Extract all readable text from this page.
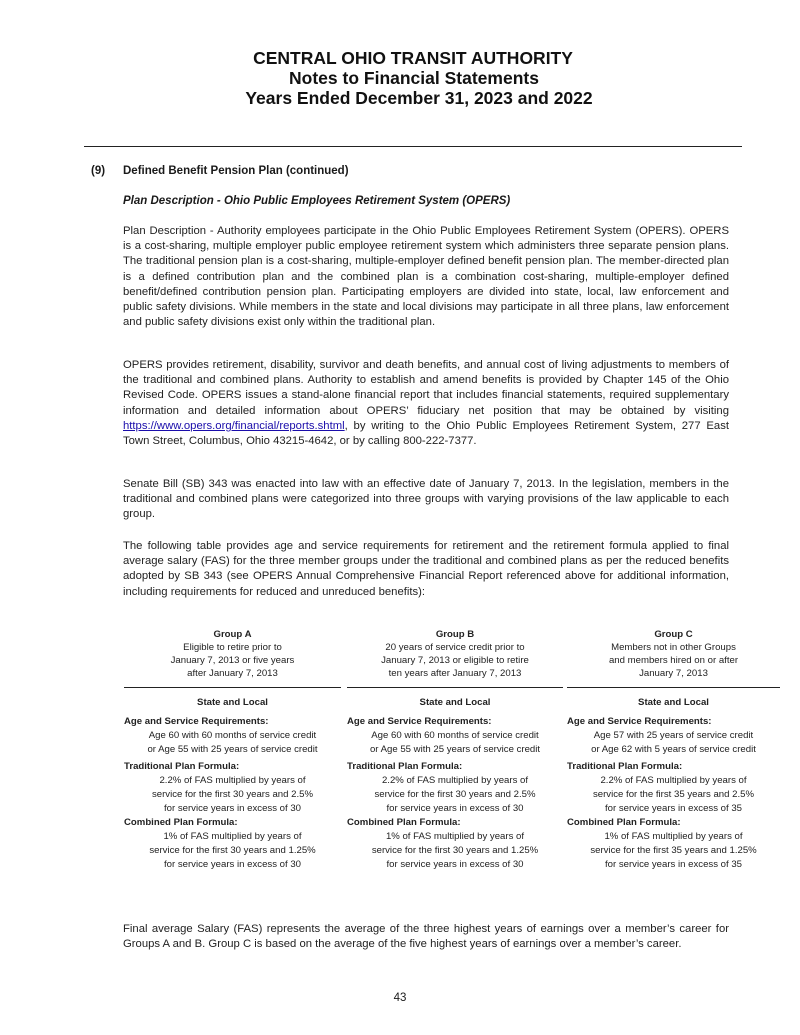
CENTRAL OHIO TRANSIT AUTHORITY
Notes to Financial Statements
Years Ended December 31, 2023 and 2022
(9) Defined Benefit Pension Plan (continued)
Plan Description - Ohio Public Employees Retirement System (OPERS)
Plan Description - Authority employees participate in the Ohio Public Employees Retirement System (OPERS). OPERS is a cost-sharing, multiple employer public employee retirement system which administers three separate pension plans. The traditional pension plan is a cost-sharing, multiple-employer defined benefit pension plan. The member-directed plan is a defined contribution plan and the combined plan is a combination cost-sharing, multiple-employer defined benefit/defined contribution pension plan. Participating employers are divided into state, local, law enforcement and public safety divisions. While members in the state and local divisions may participate in all three plans, law enforcement and public safety divisions exist only within the traditional plan.
OPERS provides retirement, disability, survivor and death benefits, and annual cost of living adjustments to members of the traditional and combined plans. Authority to establish and amend benefits is provided by Chapter 145 of the Ohio Revised Code. OPERS issues a stand-alone financial report that includes financial statements, required supplementary information and detailed information about OPERS’ fiduciary net position that may be obtained by visiting https://www.opers.org/financial/reports.shtml, by writing to the Ohio Public Employees Retirement System, 277 East Town Street, Columbus, Ohio 43215-4642, or by calling 800-222-7377.
Senate Bill (SB) 343 was enacted into law with an effective date of January 7, 2013. In the legislation, members in the traditional and combined plans were categorized into three groups with varying provisions of the law applicable to each group.
The following table provides age and service requirements for retirement and the retirement formula applied to final average salary (FAS) for the three member groups under the traditional and combined plans as per the reduced benefits adopted by SB 343 (see OPERS Annual Comprehensive Financial Report referenced above for additional information, including requirements for reduced and unreduced benefits):
Group A
Eligible to retire prior to
January 7, 2013 or five years
after January 7, 2013
State and Local
Age and Service Requirements:
Age 60 with 60 months of service credit
or Age 55 with 25 years of service credit
Traditional Plan Formula:
2.2% of FAS multiplied by years of
service for the first 30 years and 2.5%
for service years in excess of 30
Combined Plan Formula:
1% of FAS multiplied by years of
service for the first 30 years and 1.25%
for service years in excess of 30
Group B
20 years of service credit prior to
January 7, 2013 or eligible to retire
ten years after January 7, 2013
State and Local
Age and Service Requirements:
Age 60 with 60 months of service credit
or Age 55 with 25 years of service credit
Traditional Plan Formula:
2.2% of FAS multiplied by years of
service for the first 30 years and 2.5%
for service years in excess of 30
Combined Plan Formula:
1% of FAS multiplied by years of
service for the first 30 years and 1.25%
for service years in excess of 30
Group C
Members not in other Groups
and members hired on or after
January 7, 2013
State and Local
Age and Service Requirements:
Age 57 with 25 years of service credit
or Age 62 with 5 years of service credit
Traditional Plan Formula:
2.2% of FAS multiplied by years of
service for the first 35 years and 2.5%
for service years in excess of 35
Combined Plan Formula:
1% of FAS multiplied by years of
service for the first 35 years and 1.25%
for service years in excess of 35
Final average Salary (FAS) represents the average of the three highest years of earnings over a member’s career for Groups A and B. Group C is based on the average of the five highest years of earnings over a member’s career.
43
